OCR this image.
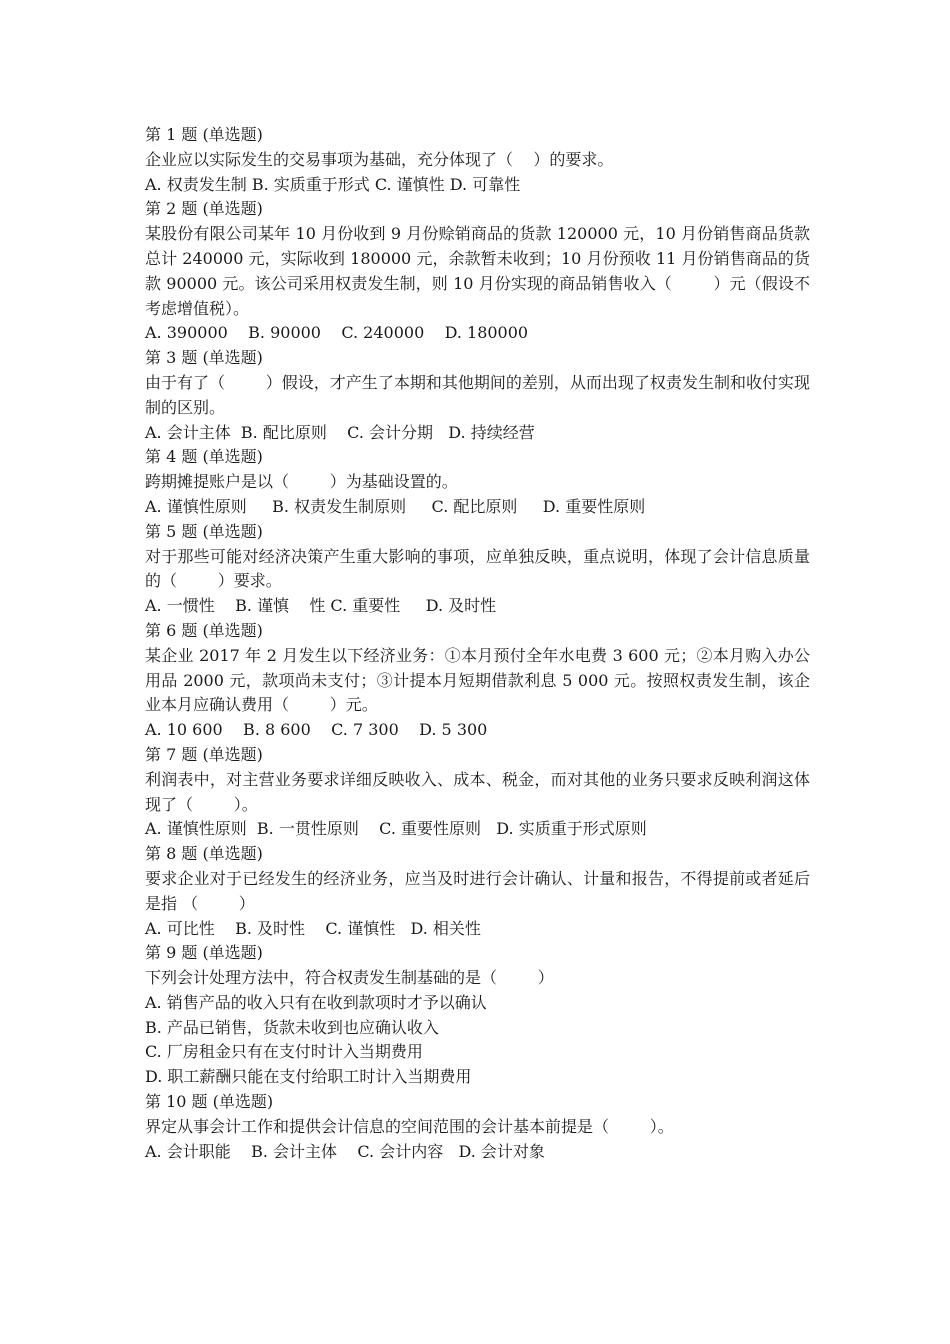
第 1 题 (单选题)
企业应以实际发生的交易事项为基础，充分体现了（    ）的要求。
A. 权责发生制 B. 实质重于形式 C. 谨慎性 D. 可靠性
第 2 题 (单选题)
某股份有限公司某年 10 月份收到 9 月份赊销商品的货款 120000 元，10 月份销售商品货款总计 240000 元，实际收到 180000 元，余款暂未收到；10 月份预收 11 月份销售商品的货款 90000 元。该公司采用权责发生制，则 10 月份实现的商品销售收入（        ）元（假设不考虑增值税）。
A. 390000    B. 90000    C. 240000    D. 180000
第 3 题 (单选题)
由于有了（        ）假设，才产生了本期和其他期间的差别，从而出现了权责发生制和收付实现制的区别。
A. 会计主体  B. 配比原则    C. 会计分期   D. 持续经营
第 4 题 (单选题)
跨期摊提账户是以（        ）为基础设置的。
A. 谨慎性原则     B. 权责发生制原则     C. 配比原则     D. 重要性原则
第 5 题 (单选题)
对于那些可能对经济决策产生重大影响的事项，应单独反映，重点说明，体现了会计信息质量的（        ）要求。
A. 一惯性    B. 谨慎    性 C. 重要性     D. 及时性
第 6 题 (单选题)
某企业 2017 年 2 月发生以下经济业务：①本月预付全年水电费 3 600 元；②本月购入办公用品 2000 元，款项尚未支付；③计提本月短期借款利息 5 000 元。按照权责发生制，该企业本月应确认费用（        ）元。
A. 10 600    B. 8 600    C. 7 300    D. 5 300
第 7 题 (单选题)
利润表中，对主营业务要求详细反映收入、成本、税金，而对其他的业务只要求反映利润这体现了（        ）。
A. 谨慎性原则  B. 一贯性原则    C. 重要性原则   D. 实质重于形式原则
第 8 题 (单选题)
要求企业对于已经发生的经济业务，应当及时进行会计确认、计量和报告，不得提前或者延后是指 （        ）
A. 可比性    B. 及时性    C. 谨慎性   D. 相关性
第 9 题 (单选题)
下列会计处理方法中，符合权责发生制基础的是（        ）
A. 销售产品的收入只有在收到款项时才予以确认
B. 产品已销售，货款未收到也应确认收入
C. 厂房租金只有在支付时计入当期费用
D. 职工薪酬只能在支付给职工时计入当期费用
第 10 题 (单选题)
界定从事会计工作和提供会计信息的空间范围的会计基本前提是（        ）。
A. 会计职能    B. 会计主体    C. 会计内容   D. 会计对象
